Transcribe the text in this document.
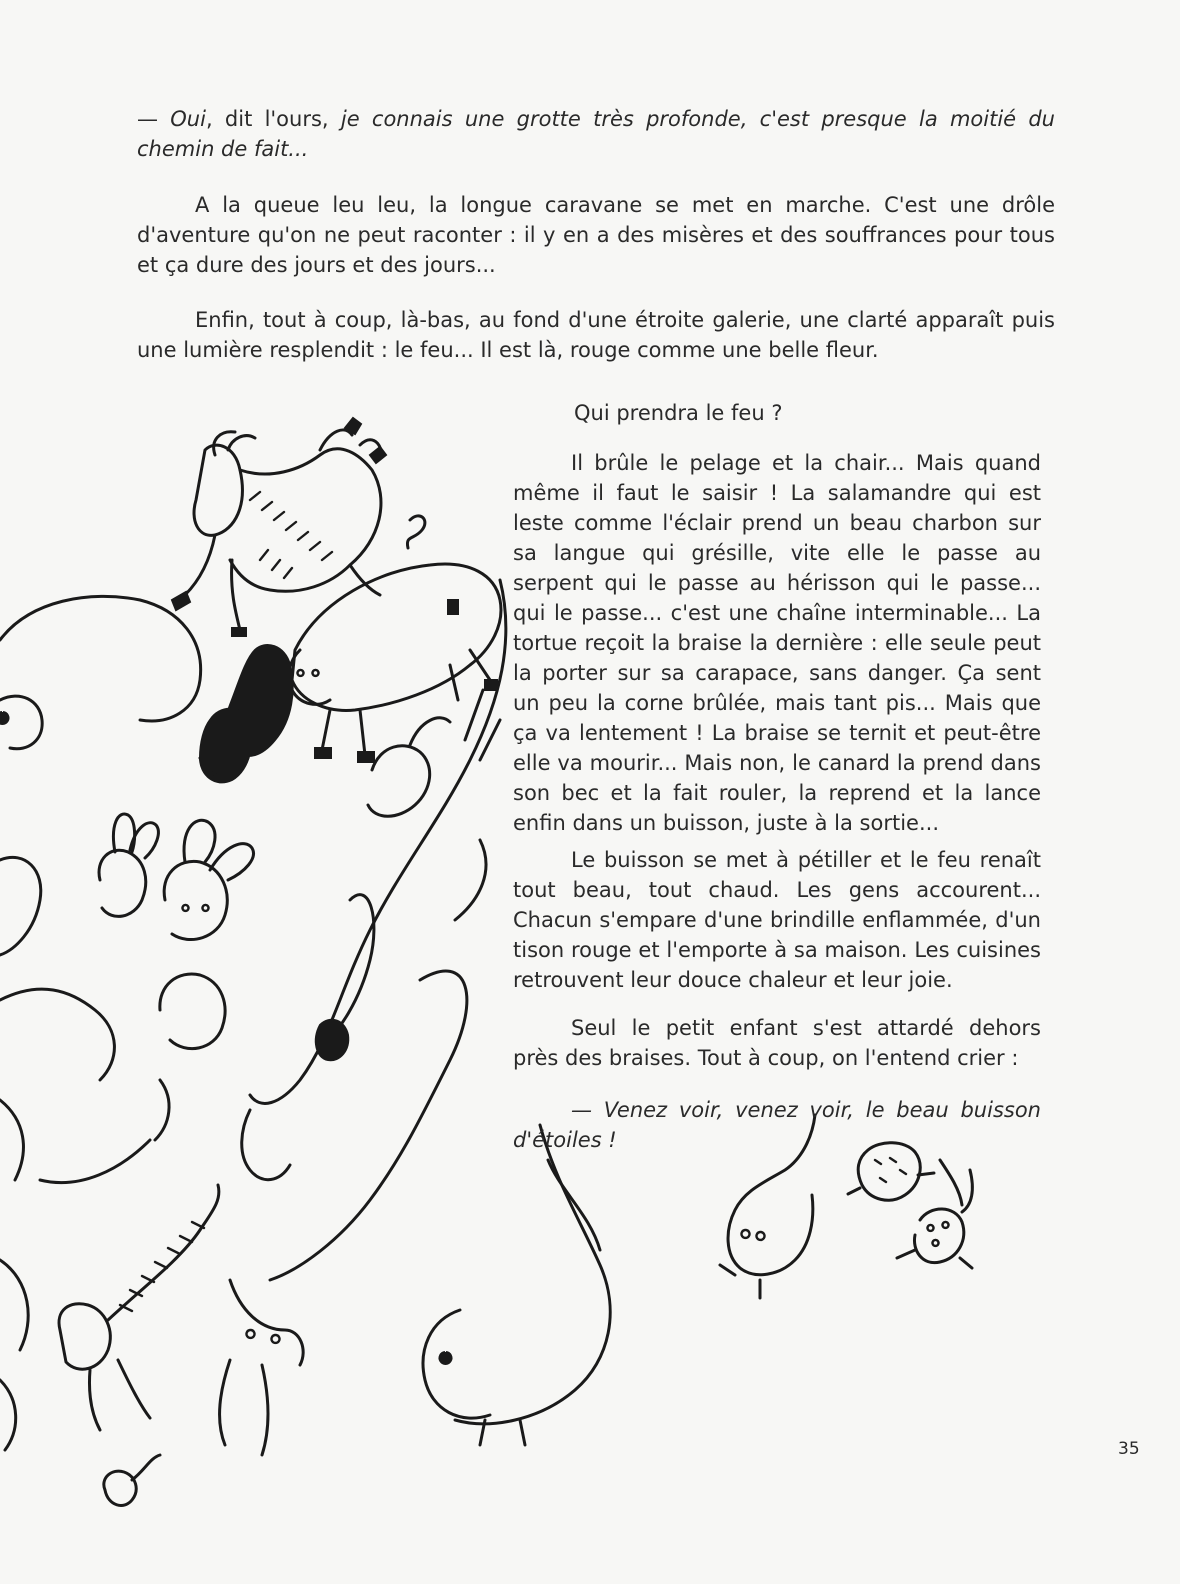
— Oui, dit l'ours, je connais une grotte très profonde, c'est presque la moitié du chemin de fait...

A la queue leu leu, la longue caravane se met en marche. C'est une drôle d'aventure qu'on ne peut raconter : il y en a des misères et des souffrances pour tous et ça dure des jours et des jours...

Enfin, tout à coup, là-bas, au fond d'une étroite galerie, une clarté apparaît puis une lumière resplendit : le feu... Il est là, rouge comme une belle fleur.

Qui prendra le feu ?

Il brûle le pelage et la chair... Mais quand même il faut le saisir ! La salamandre qui est leste comme l'éclair prend un beau charbon sur sa langue qui grésille, vite elle le passe au serpent qui le passe au hérisson qui le passe... qui le passe... c'est une chaîne interminable... La tortue reçoit la braise la dernière : elle seule peut la porter sur sa carapace, sans danger. Ça sent un peu la corne brûlée, mais tant pis... Mais que ça va lentement ! La braise se ternit et peut-être elle va mourir... Mais non, le canard la prend dans son bec et la fait rouler, la reprend et la lance enfin dans un buisson, juste à la sortie...

Le buisson se met à pétiller et le feu renaît tout beau, tout chaud. Les gens accourent... Chacun s'empare d'une brindille enflammée, d'un tison rouge et l'emporte à sa maison. Les cuisines retrouvent leur douce chaleur et leur joie.

Seul le petit enfant s'est attardé dehors près des braises. Tout à coup, on l'entend crier :

— Venez voir, venez voir, le beau buisson d'étoiles !

35
